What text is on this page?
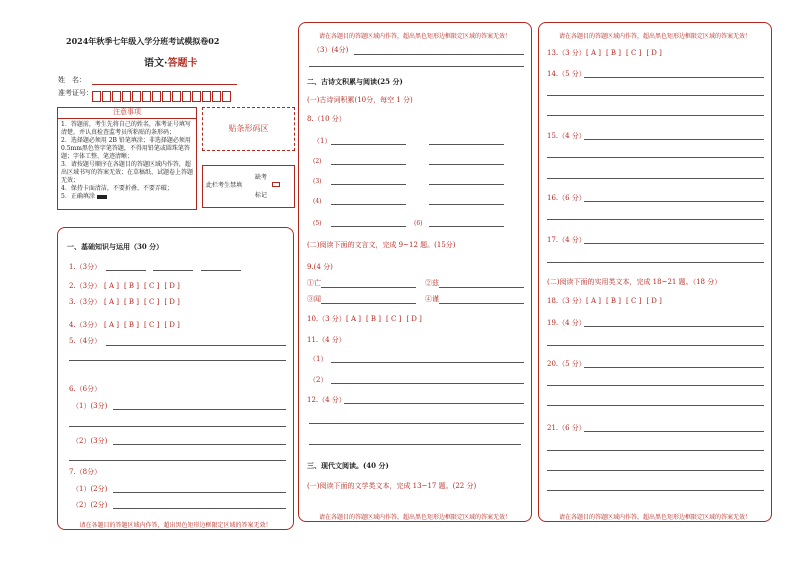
2024年秋季七年级入学分班考试模拟卷02
语文·答题卡
姓　名：
准考证号：
注意事项
1．答题前，考生先将自己的姓名，准考证号填写清楚，并认真检查监考员所粘贴的条形码；
2．选择题必须用 2B 铅笔填涂；非选择题必须用 0.5mm黑色签字笔答题，不得用铅笔或圆珠笔答题；字体工整、笔迹清晰；
3．请按题号顺序在各题目的答题区域内作答，超出区域书写的答案无效；在草稿纸、试题卷上答题无效；
4．保持卡面清洁，不要折叠、不要弄破；
5．正确填涂
贴条形码区
此栏考生禁填
缺考
标记
一、基础知识与运用（30 分）
1.（3分）
2.（3分） [ A ] [ B ] [ C ] [ D ]
3.（3分） [ A ] [ B ] [ C ] [ D ]
4.（3分） [ A ] [ B ] [ C ] [ D ]
5.（4分）
6.（6分）
（1）(3分)
（2）(3分)
7.（8分）
（1）(2分)
（2）(2分)
请在各题目的答题区域内作答，超出黑色矩形边框限定区域的答案无效！
请在各题目的答题区域内作答，超出黑色矩形边框限定区域的答案无效！
（3）(4分)
二、古诗文积累与阅读(25 分)
(一)古诗词积累(10分，每空 1 分)
8.（10 分）
（1）
(2)
(3)
(4)
(5)	(6)
(二)阅读下面的文言文，完成 9~12 题。(15分)
9.(4 分)
①亡	②兹
③闻	④谨
10.（3 分） [ A ] [ B ] [ C ] [ D ]
11.（4 分）
（1）
（2）
12.（4 分）
三、现代文阅读。(40 分)
(一)阅读下面的文学类文本，完成 13~17 题。(22 分)
请在各题目的答题区域内作答，超出黑色矩形边框限定区域的答案无效！
请在各题目的答题区域内作答，超出黑色矩形边框限定区域的答案无效！
13.（3 分） [ A ] [ B ] [ C ] [ D ]
14.（5 分）
15.（4 分）
16.（6 分）
17.（4 分）
(二)阅读下面的实用类文本，完成 18~21 题。（18 分）
18.（3 分） [ A ] [ B ] [ C ] [ D ]
19.（4 分）
20.（5 分）
21.（6 分）
请在各题目的答题区域内作答，超出黑色矩形边框限定区域的答案无效！
